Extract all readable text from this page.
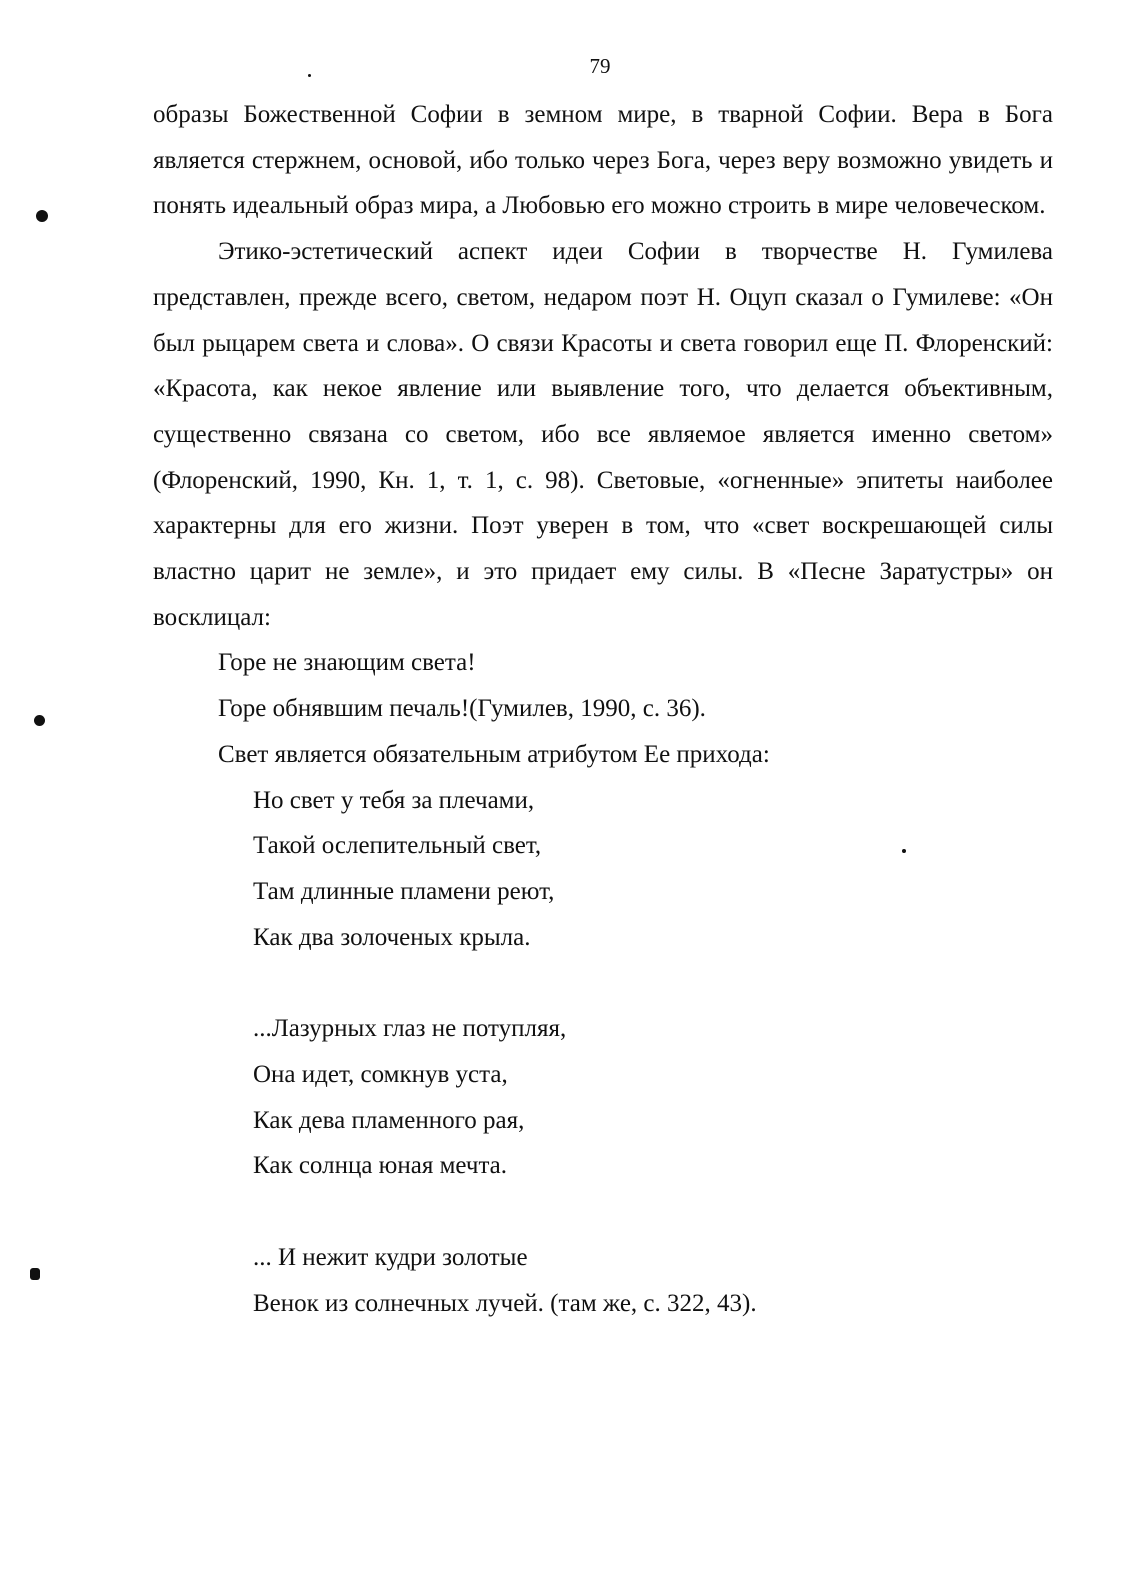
79

образы Божественной Софии в земном мире, в тварной Софии. Вера в Бога является стержнем, основой, ибо только через Бога, через веру возможно увидеть и понять идеальный образ мира, а Любовью его можно строить в мире человеческом.

Этико-эстетический аспект идеи Софии в творчестве Н. Гумилева представлен, прежде всего, светом, недаром поэт Н. Оцуп сказал о Гумилеве: «Он был рыцарем света и слова». О связи Красоты и света говорил еще П. Флоренский: «Красота, как некое явление или выявление того, что делается объективным, существенно связана со светом, ибо все являемое является именно светом» (Флоренский, 1990, Кн. 1, т. 1, с. 98). Световые, «огненные» эпитеты наиболее характерны для его жизни. Поэт уверен в том, что «свет воскрешающей силы властно царит не земле», и это придает ему силы. В «Песне Заратустры» он восклицал:

Горе не знающим света!

Горе обнявшим печаль!(Гумилев, 1990, с. 36).

Свет является обязательным атрибутом Ее прихода:

Но свет у тебя за плечами,

Такой ослепительный свет,

Там длинные пламени реют,

Как два золоченых крыла.

...Лазурных глаз не потупляя,

Она идет, сомкнув уста,

Как дева пламенного рая,

Как солнца юная мечта.

... И нежит кудри золотые

Венок из солнечных лучей. (там же, с. 322, 43).
